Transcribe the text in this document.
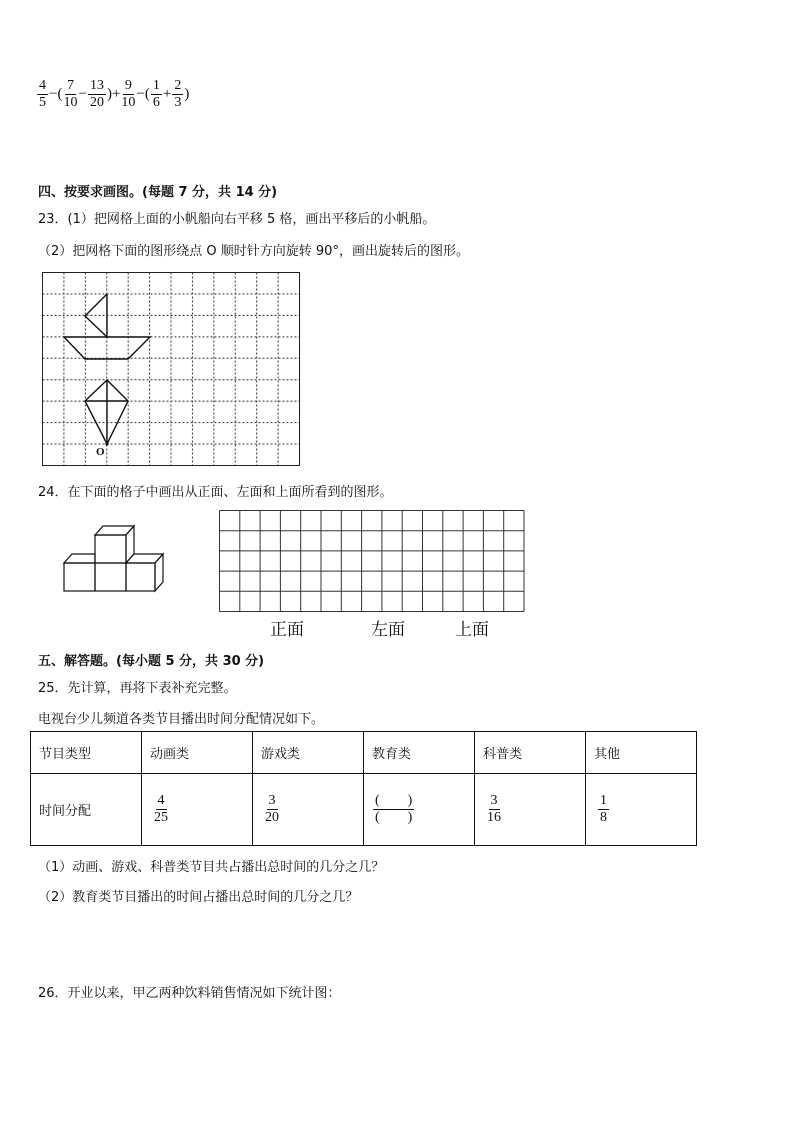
$\frac{4}{5}$ −( $\frac{7}{10} - \frac{13}{20}$ )+ $\frac{9}{10}$ −( $\frac{1}{6} + \frac{2}{3}$ )
四、按要求画图。(每题 7 分，共 14 分)
23．(1）把网格上面的小帆船向右平移 5 格，画出平移后的小帆船。
（2）把网格下面的图形绕点 O 顺时针方向旋转 90°，画出旋转后的图形。
O
24．在下面的格子中画出从正面、左面和上面所看到的图形。
正面	左面	上面
五、解答题。(每小题 5 分，共 30 分)
25．先计算，再将下表补充完整。
电视台少儿频道各类节目播出时间分配情况如下。
节目类型	动画类	游戏类	教育类	科普类	其他
时间分配	$\frac{4}{25}$	$\frac{3}{20}$	$\frac{( )}{( )}$	$\frac{3}{16}$	$\frac{1}{8}$
（1）动画、游戏、科普类节目共占播出总时间的几分之几？
（2）教育类节目播出的时间占播出总时间的几分之几？
26．开业以来，甲乙两种饮料销售情况如下统计图：
